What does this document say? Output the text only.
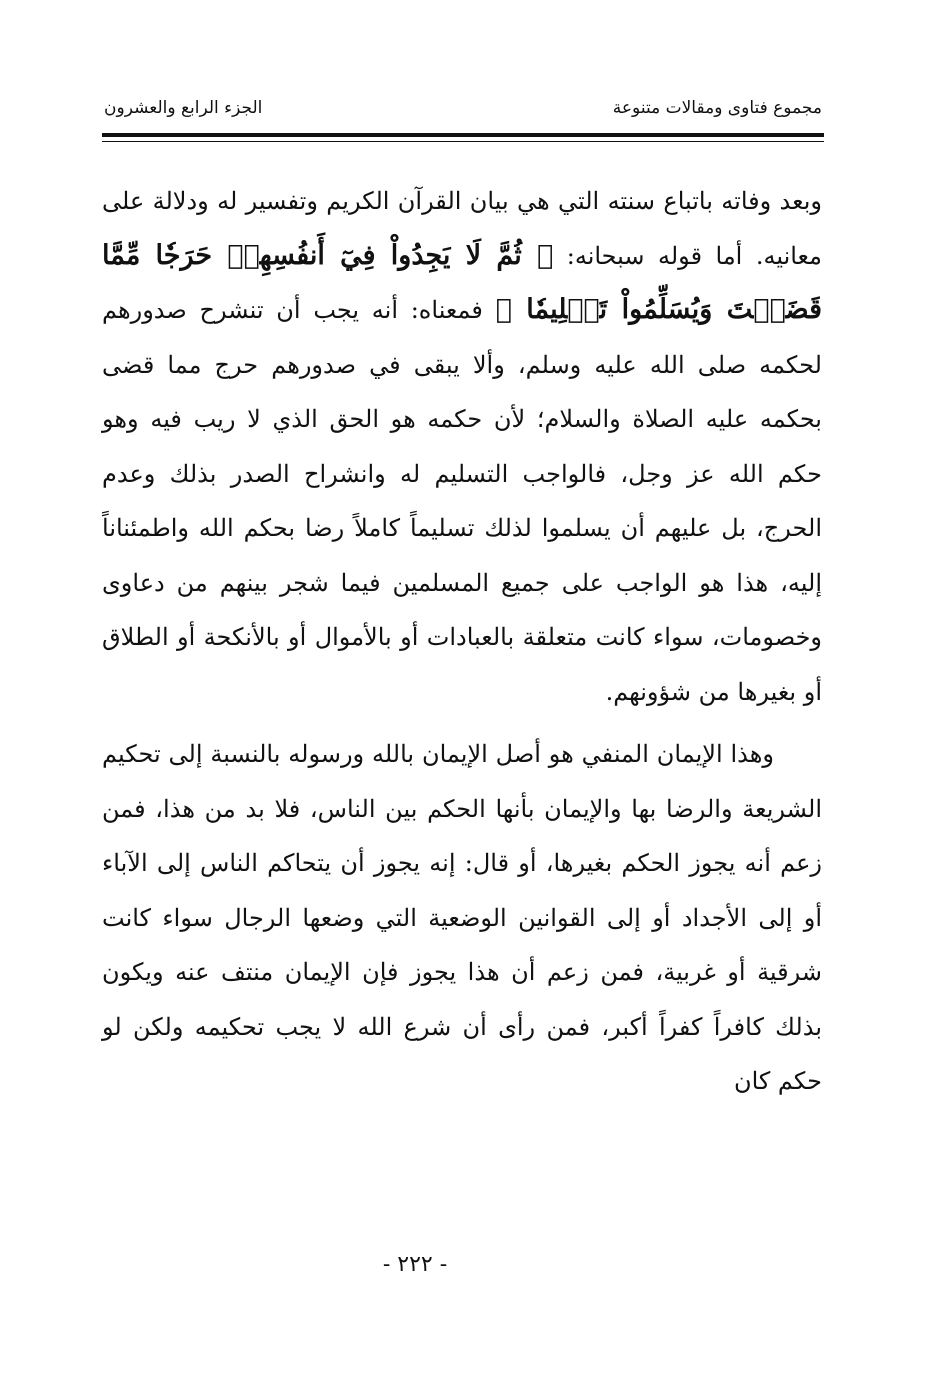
مجموع فتاوى ومقالات متنوعة
الجزء الرابع والعشرون

وبعد وفاته باتباع سنته التي هي بيان القرآن الكريم وتفسير له ودلالة على معانيه. أما قوله سبحانه: ﴿ ثُمَّ لَا يَجِدُواْ فِيٓ أَنفُسِهِمۡ حَرَجٗا مِّمَّا قَضَيۡتَ وَيُسَلِّمُواْ تَسۡلِيمٗا ﴾ فمعناه: أنه يجب أن تنشرح صدورهم لحكمه صلى الله عليه وسلم، وألا يبقى في صدورهم حرج مما قضى بحكمه عليه الصلاة والسلام؛ لأن حكمه هو الحق الذي لا ريب فيه وهو حكم الله عز وجل، فالواجب التسليم له وانشراح الصدر بذلك وعدم الحرج، بل عليهم أن يسلموا لذلك تسليماً كاملاً رضا بحكم الله واطمئناناً إليه، هذا هو الواجب على جميع المسلمين فيما شجر بينهم من دعاوى وخصومات، سواء كانت متعلقة بالعبادات أو بالأموال أو بالأنكحة أو الطلاق أو بغيرها من شؤونهم.

وهذا الإيمان المنفي هو أصل الإيمان بالله ورسوله بالنسبة إلى تحكيم الشريعة والرضا بها والإيمان بأنها الحكم بين الناس، فلا بد من هذا، فمن زعم أنه يجوز الحكم بغيرها، أو قال: إنه يجوز أن يتحاكم الناس إلى الآباء أو إلى الأجداد أو إلى القوانين الوضعية التي وضعها الرجال سواء كانت شرقية أو غربية، فمن زعم أن هذا يجوز فإن الإيمان منتف عنه ويكون بذلك كافراً كفراً أكبر، فمن رأى أن شرع الله لا يجب تحكيمه ولكن لو حكم كان

- ٢٢٢ -
